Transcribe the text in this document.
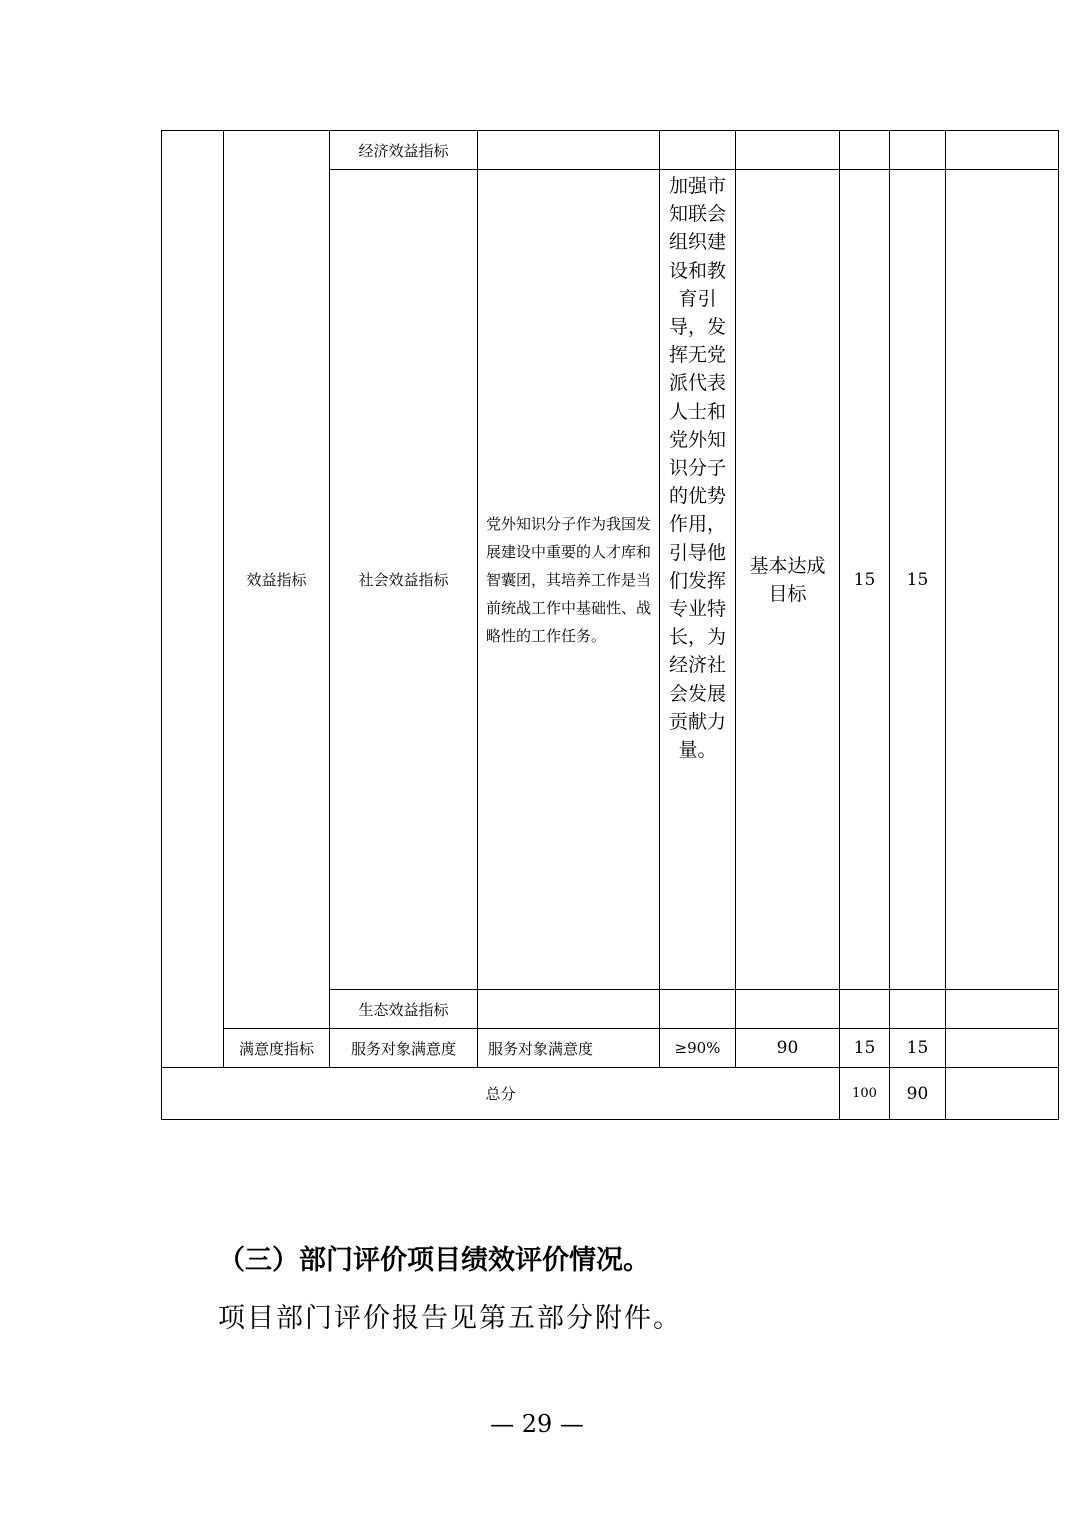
	效益指标	经济效益指标						
		社会效益指标	党外知识分子作为我国发展建设中重要的人才库和智囊团，其培养工作是当前统战工作中基础性、战略性的工作任务。	加强市知联会组织建设和教育引导，发挥无党派代表人士和党外知识分子的优势作用，引导他们发挥专业特长，为经济社会发展贡献力量。	基本达成目标	15	15	
		生态效益指标						
	满意度指标	服务对象满意度	服务对象满意度	≥90%	90	15	15	
总分						100	90	
（三）部门评价项目绩效评价情况。
项目部门评价报告见第五部分附件。
— 29 —
